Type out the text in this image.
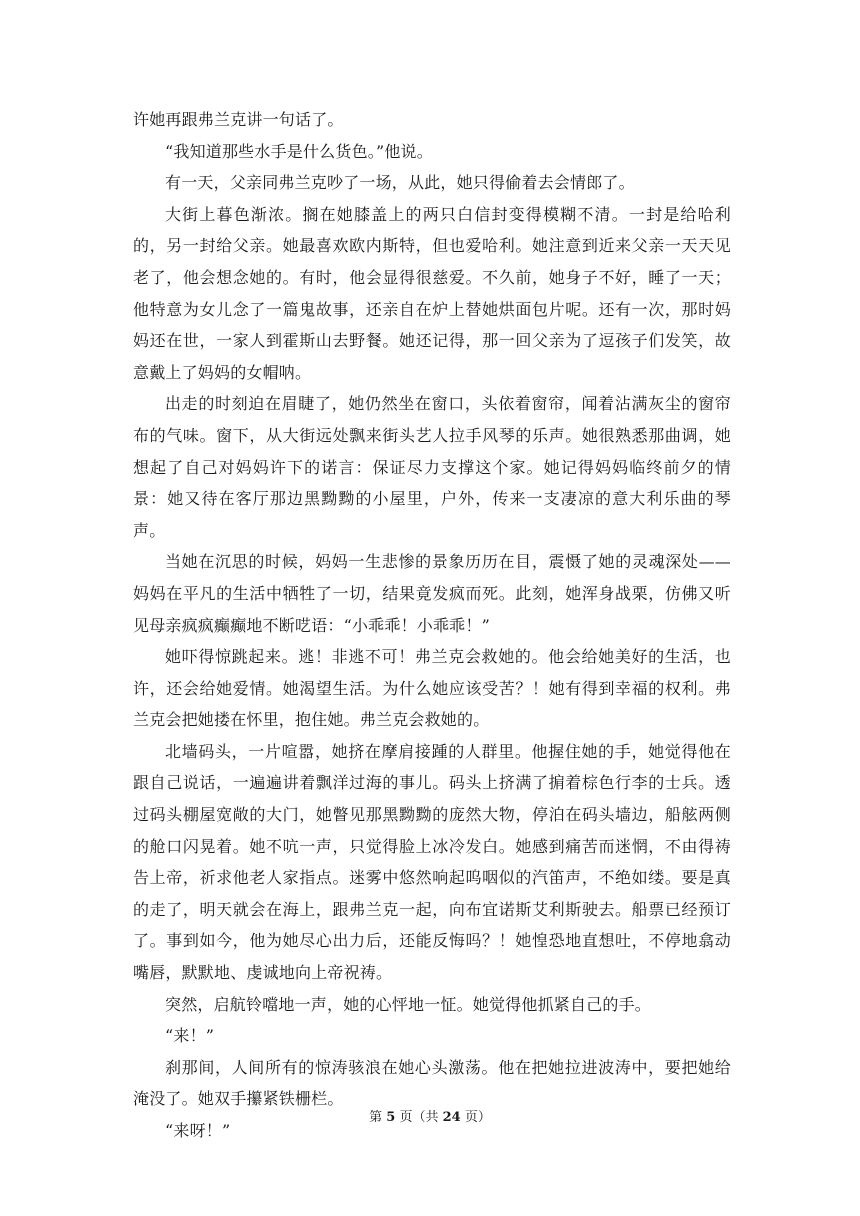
许她再跟弗兰克讲一句话了。

“我知道那些水手是什么货色。”他说。

有一天，父亲同弗兰克吵了一场，从此，她只得偷着去会情郎了。

大街上暮色渐浓。搁在她膝盖上的两只白信封变得模糊不清。一封是给哈利的，另一封给父亲。她最喜欢欧内斯特，但也爱哈利。她注意到近来父亲一天天见老了，他会想念她的。有时，他会显得很慈爱。不久前，她身子不好，睡了一天；他特意为女儿念了一篇鬼故事，还亲自在炉上替她烘面包片呢。还有一次，那时妈妈还在世，一家人到霍斯山去野餐。她还记得，那一回父亲为了逗孩子们发笑，故意戴上了妈妈的女帽呐。

出走的时刻迫在眉睫了，她仍然坐在窗口，头依着窗帘，闻着沾满灰尘的窗帘布的气味。窗下，从大街远处飘来街头艺人拉手风琴的乐声。她很熟悉那曲调，她想起了自己对妈妈许下的诺言：保证尽力支撑这个家。她记得妈妈临终前夕的情景：她又待在客厅那边黑黝黝的小屋里，户外，传来一支凄凉的意大利乐曲的琴声。

当她在沉思的时候，妈妈一生悲惨的景象历历在目，震慑了她的灵魂深处——妈妈在平凡的生活中牺牲了一切，结果竟发疯而死。此刻，她浑身战栗，仿佛又听见母亲疯疯癫癫地不断呓语：“小乖乖！小乖乖！”

她吓得惊跳起来。逃！非逃不可！弗兰克会救她的。他会给她美好的生活，也许，还会给她爱情。她渴望生活。为什么她应该受苦？！她有得到幸福的权利。弗兰克会把她搂在怀里，抱住她。弗兰克会救她的。

北墙码头，一片喧嚣，她挤在摩肩接踵的人群里。他握住她的手，她觉得他在跟自己说话，一遍遍讲着飘洋过海的事儿。码头上挤满了掮着棕色行李的士兵。透过码头棚屋宽敞的大门，她瞥见那黑黝黝的庞然大物，停泊在码头墙边，船舷两侧的舱口闪晃着。她不吭一声，只觉得脸上冰冷发白。她感到痛苦而迷惘，不由得祷告上帝，祈求他老人家指点。迷雾中悠然响起呜咽似的汽笛声，不绝如缕。要是真的走了，明天就会在海上，跟弗兰克一起，向布宜诺斯艾利斯驶去。船票已经预订了。事到如今，他为她尽心出力后，还能反悔吗？！她惶恐地直想吐，不停地翕动嘴唇，默默地、虔诚地向上帝祝祷。

突然，启航铃噹地一声，她的心怦地一怔。她觉得他抓紧自己的手。

“来！”

刹那间，人间所有的惊涛骇浪在她心头激荡。他在把她拉进波涛中，要把她给淹没了。她双手攥紧铁栅栏。

“来呀！”

第 5 页（共 24 页）
